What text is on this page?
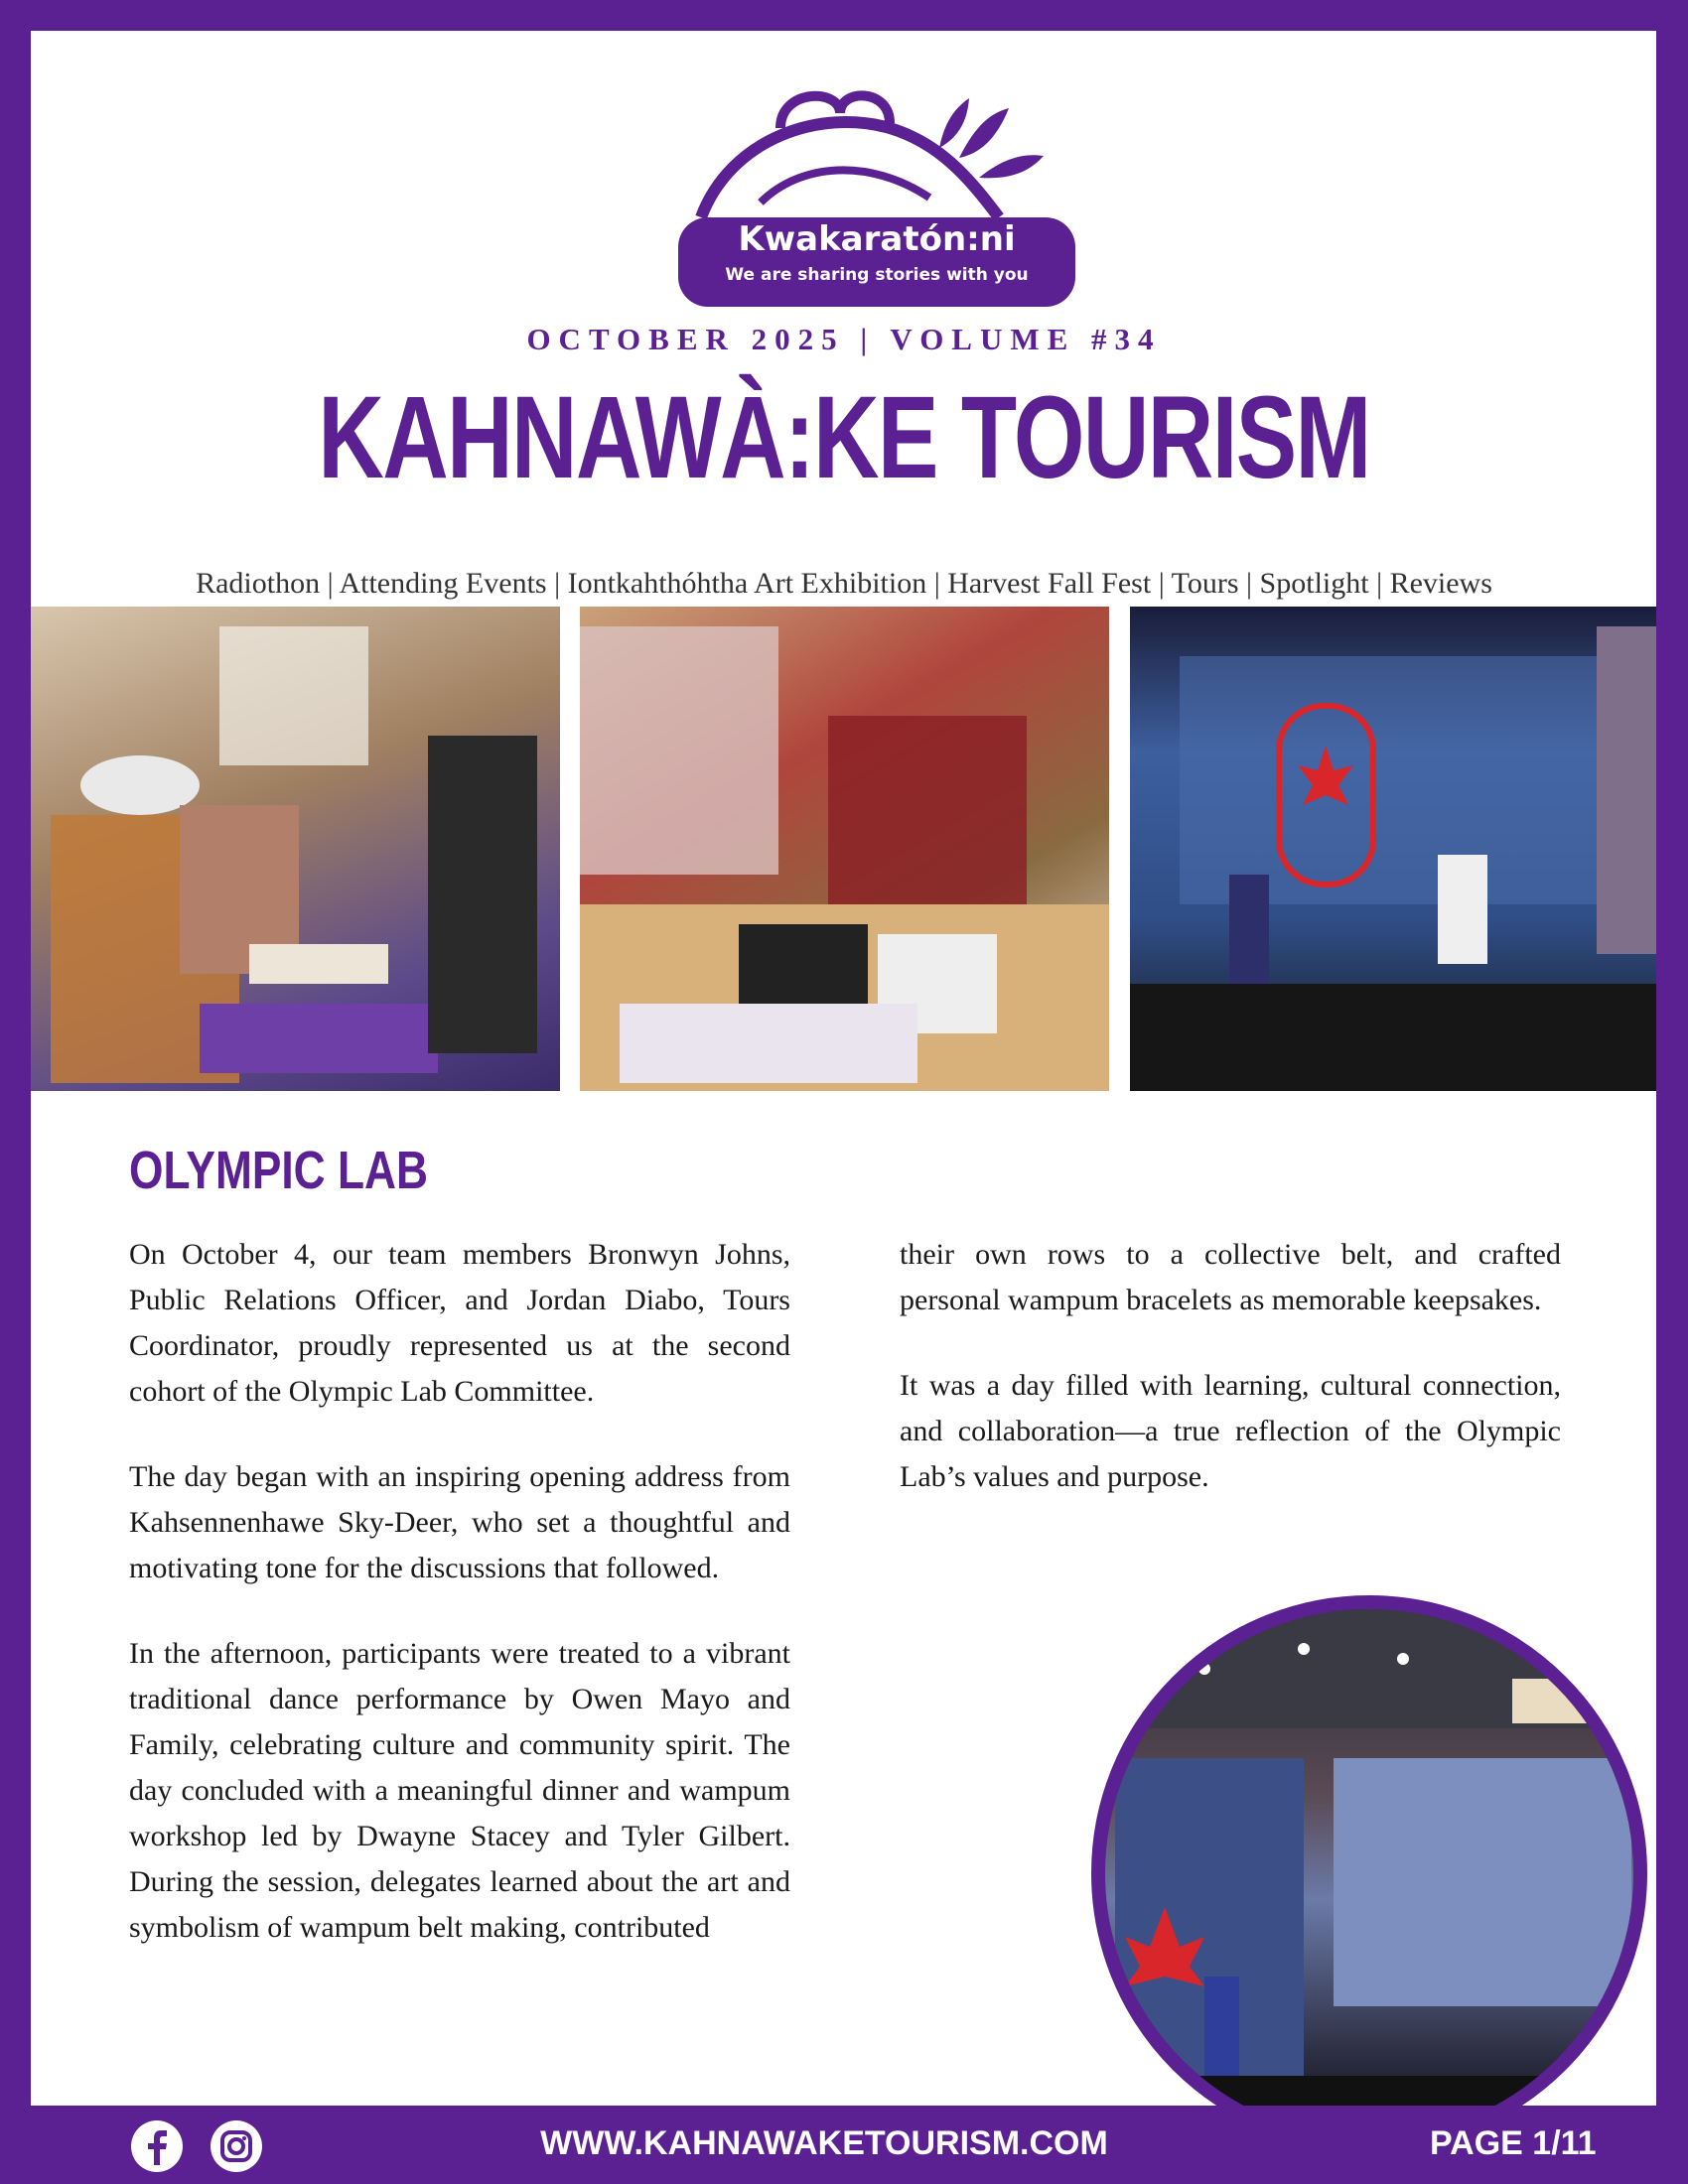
Kwakaratón:ni
We are sharing stories with you
OCTOBER 2025 | VOLUME #34
KAHNAWÀ:KE TOURISM
Radiothon | Attending Events | Iontkahthóhtha Art Exhibition | Harvest Fall Fest | Tours | Spotlight | Reviews
OLYMPIC LAB

On October 4, our team members Bronwyn Johns, Public Relations Officer, and Jordan Diabo, Tours Coordinator, proudly represented us at the second cohort of the Olympic Lab Committee.

The day began with an inspiring opening address from Kahsennenhawe Sky-Deer, who set a thoughtful and motivating tone for the discussions that followed.

In the afternoon, participants were treated to a vibrant traditional dance performance by Owen Mayo and Family, celebrating culture and community spirit. The day concluded with a meaningful dinner and wampum workshop led by Dwayne Stacey and Tyler Gilbert. During the session, delegates learned about the art and symbolism of wampum belt making, contributed

their own rows to a collective belt, and crafted personal wampum bracelets as memorable keepsakes.

It was a day filled with learning, cultural connection, and collaboration—a true reflection of the Olympic Lab’s values and purpose.

WWW.KAHNAWAKETOURISM.COM	PAGE 1/11
